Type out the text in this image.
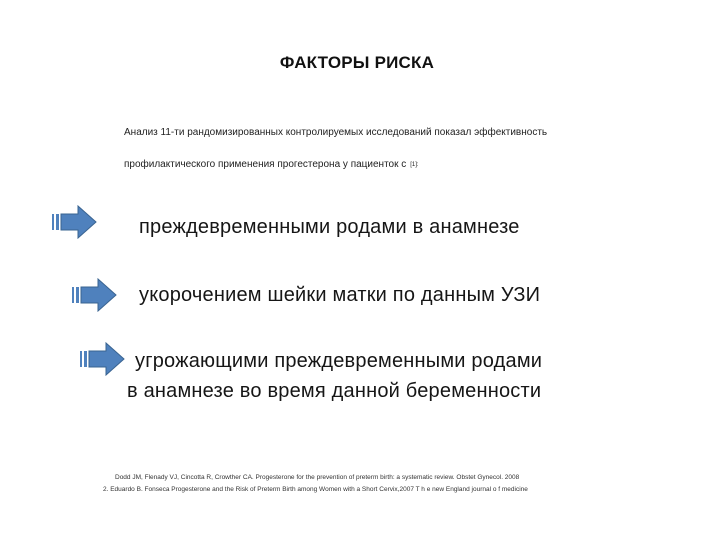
ФАКТОРЫ РИСКА
Анализ 11-ти рандомизированных контролируемых исследований показал эффективность
профилактического применения прогестерона у пациенток с $^{[1]:}$
преждевременными родами в анамнезе
укорочением шейки матки по данным УЗИ
угрожающими преждевременными родами
в анамнезе во время данной беременности
Dodd JM, Flenady VJ, Cincotta R, Crowther CA. Progesterone for the prevention of preterm birth: a systematic review. Obstet Gynecol. 2008
2. Eduardo B. Fonseca Progesterone and the Risk of Preterm Birth among Women with a Short Cervix,2007 T h e new England journal o f medicine
